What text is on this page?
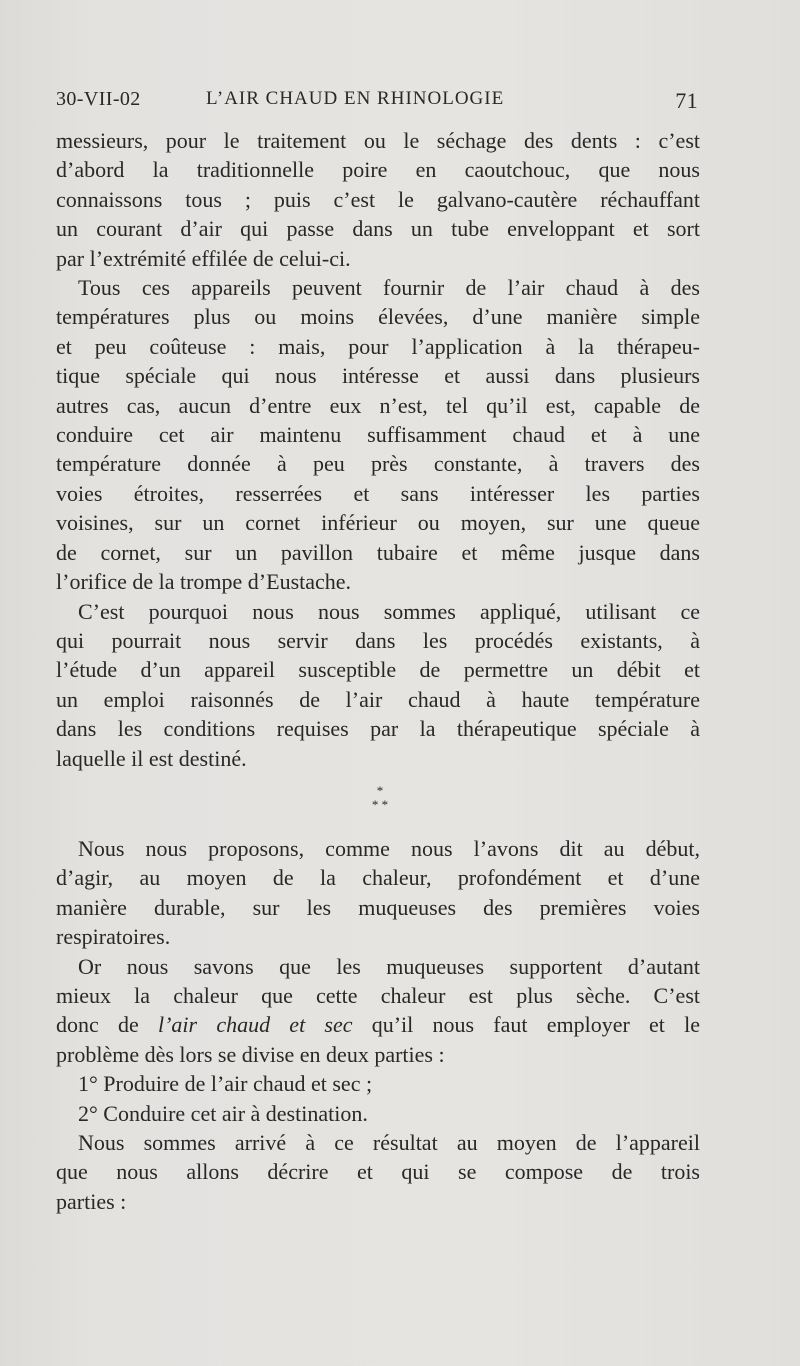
30-VII-02	L’AIR CHAUD EN RHINOLOGIE	71
messieurs, pour le traitement ou le séchage des dents : c’est
d’abord la traditionnelle poire en caoutchouc, que nous
connaissons tous ; puis c’est le galvano-cautère réchauffant
un courant d’air qui passe dans un tube enveloppant et sort
par l’extrémité effilée de celui-ci.
Tous ces appareils peuvent fournir de l’air chaud à des
températures plus ou moins élevées, d’une manière simple
et peu coûteuse : mais, pour l’application à la thérapeu-
tique spéciale qui nous intéresse et aussi dans plusieurs
autres cas, aucun d’entre eux n’est, tel qu’il est, capable de
conduire cet air maintenu suffisamment chaud et à une
température donnée à peu près constante, à travers des
voies étroites, resserrées et sans intéresser les parties
voisines, sur un cornet inférieur ou moyen, sur une queue
de cornet, sur un pavillon tubaire et même jusque dans
l’orifice de la trompe d’Eustache.
C’est pourquoi nous nous sommes appliqué, utilisant ce
qui pourrait nous servir dans les procédés existants, à
l’étude d’un appareil susceptible de permettre un débit et
un emploi raisonnés de l’air chaud à haute température
dans les conditions requises par la thérapeutique spéciale à
laquelle il est destiné.
*
* *
Nous nous proposons, comme nous l’avons dit au début,
d’agir, au moyen de la chaleur, profondément et d’une
manière durable, sur les muqueuses des premières voies
respiratoires.
Or nous savons que les muqueuses supportent d’autant
mieux la chaleur que cette chaleur est plus sèche. C’est
donc de l’air chaud et sec qu’il nous faut employer et le
problème dès lors se divise en deux parties :
1° Produire de l’air chaud et sec ;
2° Conduire cet air à destination.
Nous sommes arrivé à ce résultat au moyen de l’appareil
que nous allons décrire et qui se compose de trois
parties :
